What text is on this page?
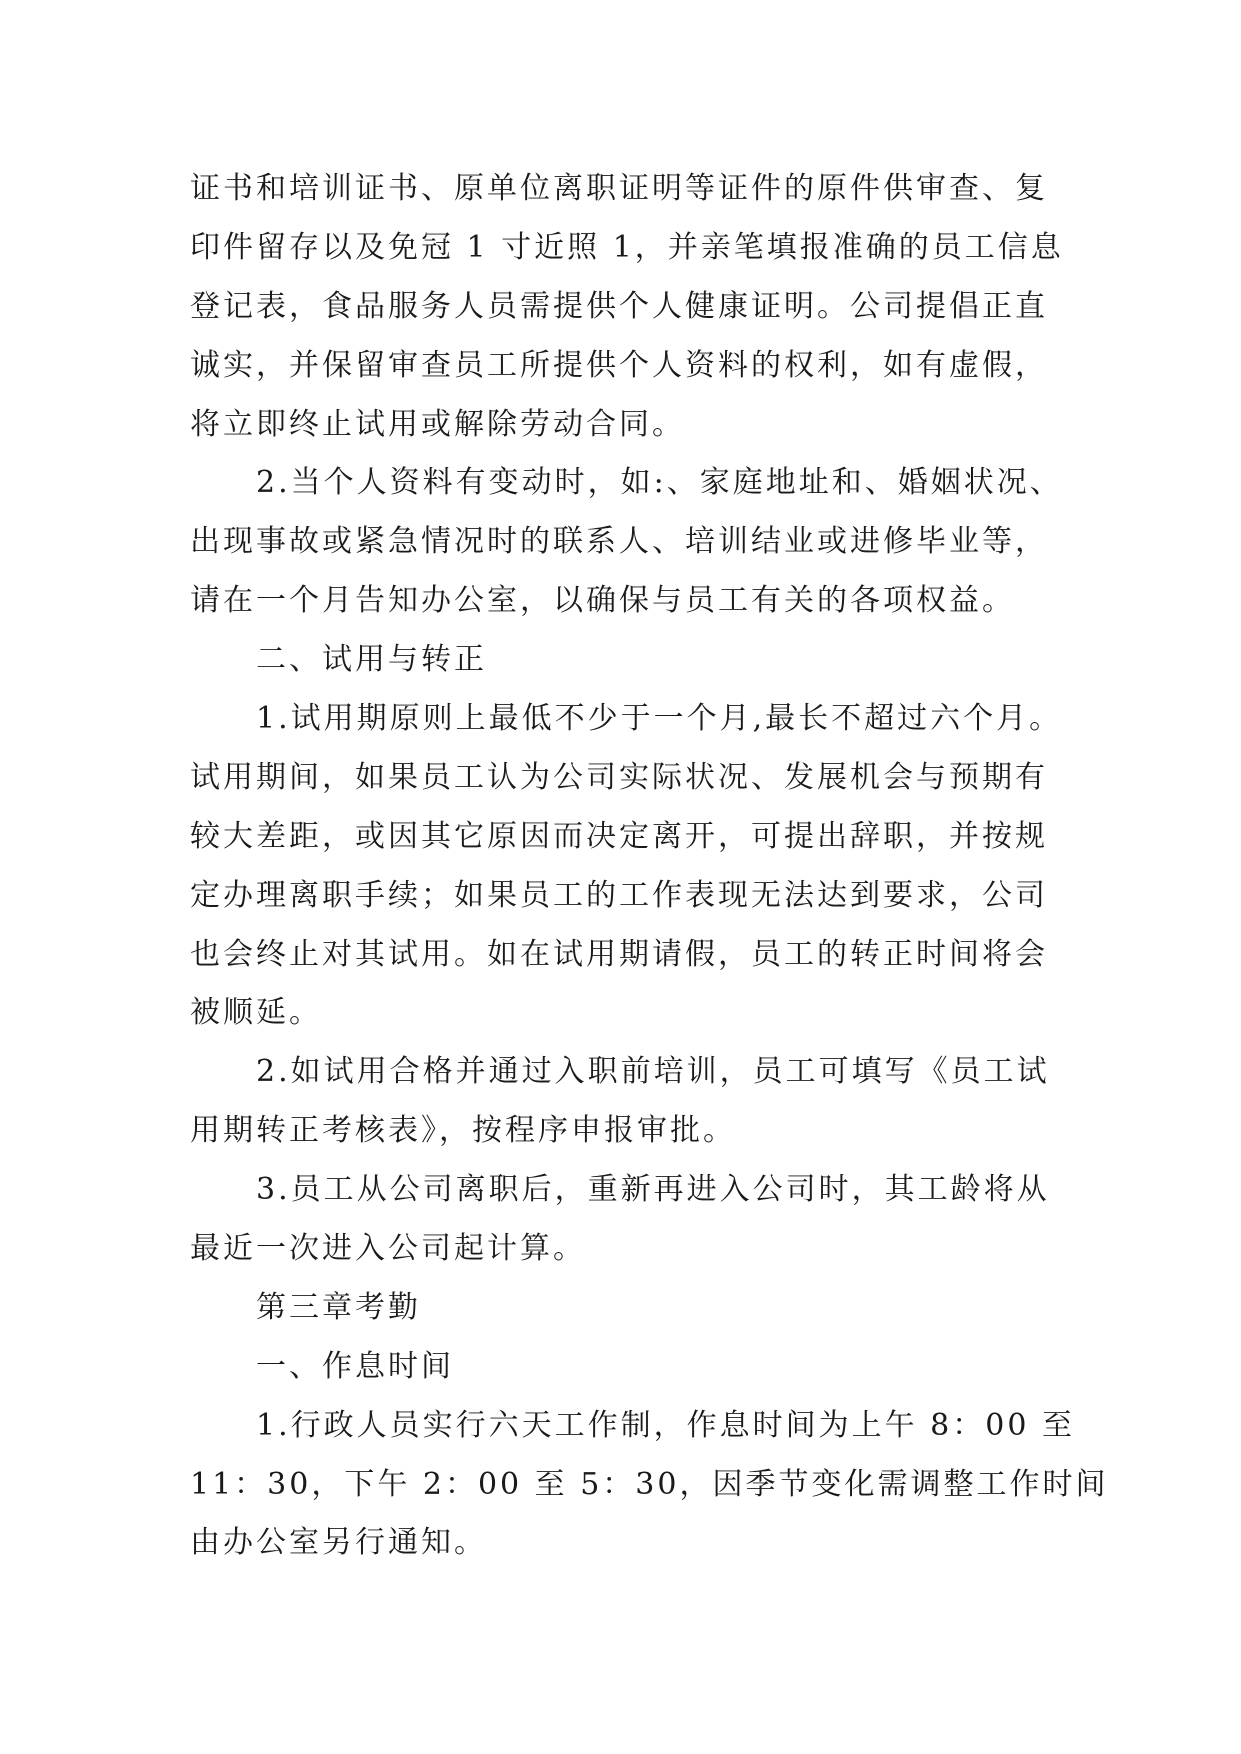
证书和培训证书、原单位离职证明等证件的原件供审查、复
印件留存以及免冠 1 寸近照 1，并亲笔填报准确的员工信息
登记表，食品服务人员需提供个人健康证明。公司提倡正直
诚实，并保留审查员工所提供个人资料的权利，如有虚假，
将立即终止试用或解除劳动合同。
2.当个人资料有变动时，如:、家庭地址和、婚姻状况、
出现事故或紧急情况时的联系人、培训结业或进修毕业等，
请在一个月告知办公室，以确保与员工有关的各项权益。
二、试用与转正
1.试用期原则上最低不少于一个月,最长不超过六个月。
试用期间，如果员工认为公司实际状况、发展机会与预期有
较大差距，或因其它原因而决定离开，可提出辞职，并按规
定办理离职手续；如果员工的工作表现无法达到要求，公司
也会终止对其试用。如在试用期请假，员工的转正时间将会
被顺延。
2.如试用合格并通过入职前培训，员工可填写《员工试
用期转正考核表》，按程序申报审批。
3.员工从公司离职后，重新再进入公司时，其工龄将从
最近一次进入公司起计算。
第三章考勤
一、作息时间
1.行政人员实行六天工作制，作息时间为上午 8：00 至
11：30，下午 2：00 至 5：30，因季节变化需调整工作时间
由办公室另行通知。
